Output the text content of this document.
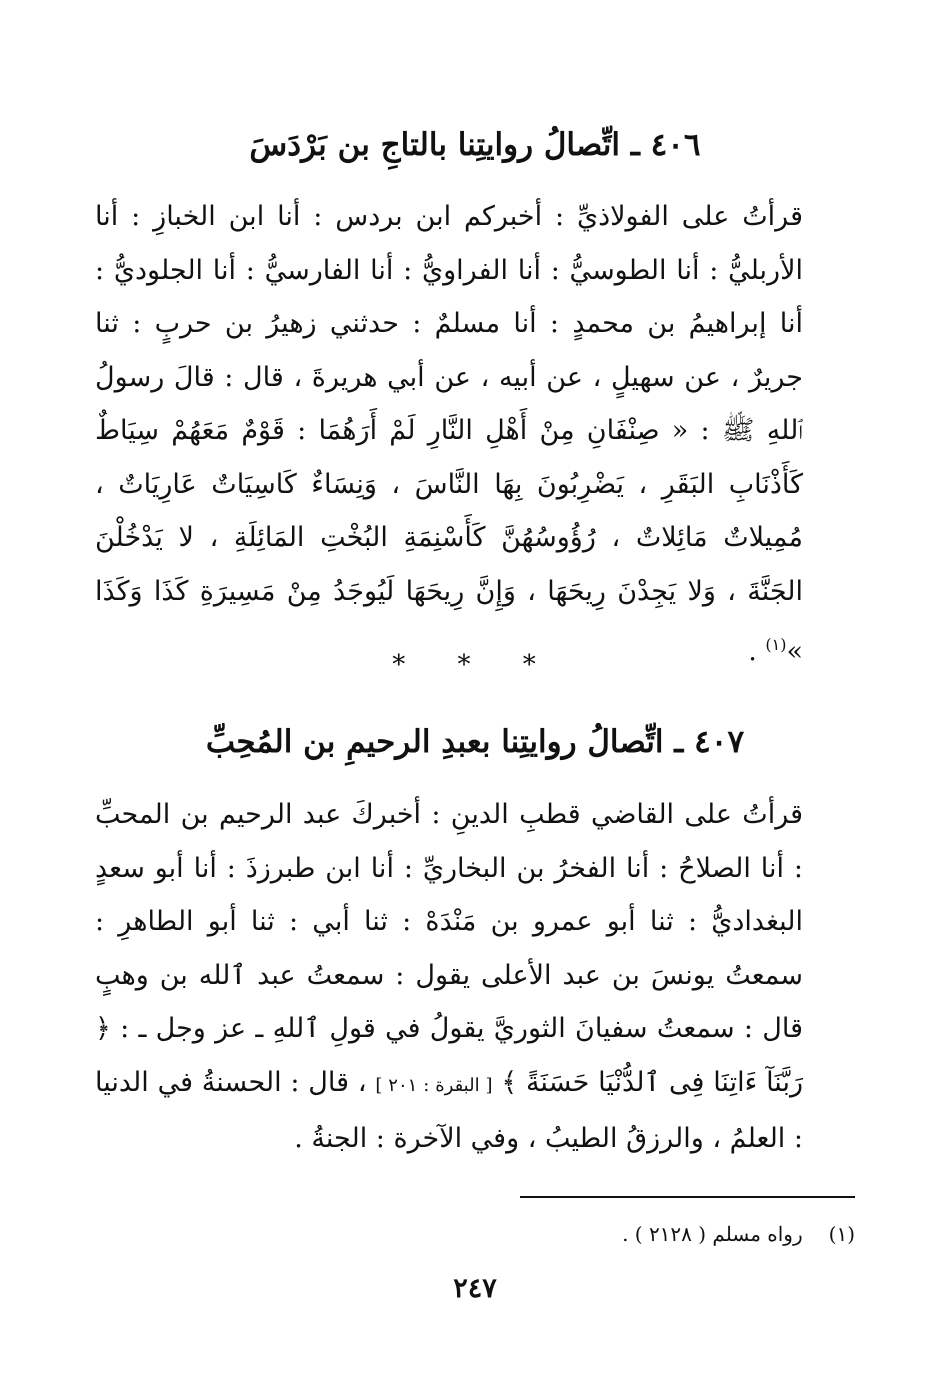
٤٠٦ ـ اتِّصالُ روايتِنا بالتاجِ بن بَرْدَسَ

قرأتُ على الفولاذيِّ : أخبركم ابن بردس : أنا ابن الخبازِ : أنا الأربليُّ : أنا الطوسيُّ : أنا الفراويُّ : أنا الفارسيُّ : أنا الجلوديُّ : أنا إبراهيمُ بن محمدٍ : أنا مسلمٌ : حدثني زهيرُ بن حربٍ : ثنا جريرٌ ، عن سهيلٍ ، عن أبيه ، عن أبي هريرةَ ، قال : قالَ رسولُ ٱللهِ ﷺ : « صِنْفَانِ مِنْ أَهْلِ النَّارِ لَمْ أَرَهُمَا : قَوْمٌ مَعَهُمْ سِيَاطٌ كَأَذْنَابِ البَقَرِ ، يَضْرِبُونَ بِهَا النَّاسَ ، وَنِسَاءٌ كَاسِيَاتٌ عَارِيَاتٌ ، مُمِيلاتٌ مَائِلاتٌ ، رُؤُوسُهُنَّ كَأَسْنِمَةِ البُخْتِ المَائِلَةِ ، لا يَدْخُلْنَ الجَنَّةَ ، وَلا يَجِدْنَ رِيحَهَا ، وَإِنَّ رِيحَهَا لَيُوجَدُ مِنْ مَسِيرَةِ كَذَا وَكَذَا »$^{(١)}$ .

* * *
٤٠٧ ـ اتِّصالُ روايتِنا بعبدِ الرحيمِ بن المُحِبِّ

قرأتُ على القاضي قطبِ الدينِ : أخبركَ عبد الرحيم بن المحبِّ : أنا الصلاحُ : أنا الفخرُ بن البخاريِّ : أنا ابن طبرزذَ : أنا أبو سعدٍ البغداديُّ : ثنا أبو عمرو بن مَنْدَهْ : ثنا أبي : ثنا أبو الطاهرِ : سمعتُ يونسَ بن عبد الأعلى يقول : سمعتُ عبد ٱلله بن وهبٍ قال : سمعتُ سفيانَ الثوريَّ يقولُ في قولِ ٱللهِ ـ عز وجل ـ : ﴿ رَبَّنَآ ءَاتِنَا فِى ٱلدُّنْيَا حَسَنَةً ﴾ [ البقرة : ٢٠١ ] ، قال : الحسنةُ في الدنيا : العلمُ ، والرزقُ الطيبُ ، وفي الآخرة : الجنةُ .

(١)رواه مسلم ( ٢١٢٨ ) .
٢٤٧
